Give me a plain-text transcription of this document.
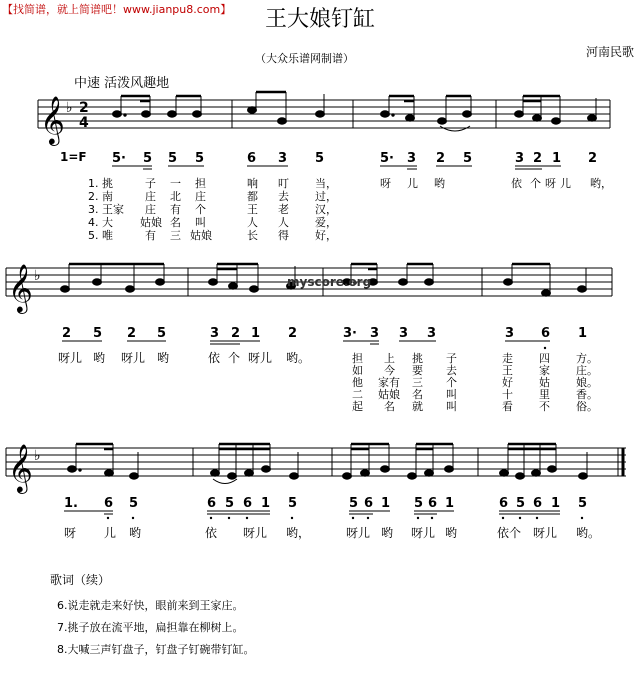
【找简谱，就上简谱吧！www.jianpu8.com】	王大娘钉缸
（大众乐谱网制谱）	河南民歌
中速 活泼风趣地
𝄞 ♭ 2
4
1=F 5· 5 5 5	6 3 5	5· 3 2 5	3 2 1 2
1. 挑	子 一 担	响 叮 当，	呀 儿 哟	依 个 呀 儿 哟，
2. 南	庄 北 庄	都 去 过，
3. 王家 庄 有 个	王 老 汉，
4. 大 姑娘 名 叫	人 人 爱，
5. 唯	有 三 姑娘	长 得 好，
𝄞 ♭	myscore.org
2 5 2 5	3 2 1 2	3· 3 3 3	3 6 1
呀儿 哟 呀儿 哟	依 个 呀儿 哟。	担 上 挑 子	走 四 方。
如 今 要 去	王 家 庄。
他 家有 三 个	好 姑 娘。
二 姑娘 名 叫	十 里 香。
起 名 就 叫	看 不 俗。
𝄞 ♭
1. 6 5	6 5 6 1 5	5 6 1 5 6 1	6 5 6 1 5
呀 儿 哟	依 呀儿 哟，	呀儿 哟 呀儿 哟	依个 呀儿 哟。
歌词（续）
6.说走就走来好快，眼前来到王家庄。
7.挑子放在流平地，扁担靠在柳树上。
8.大喊三声钉盘子，钉盘子钉碗带钉缸。
